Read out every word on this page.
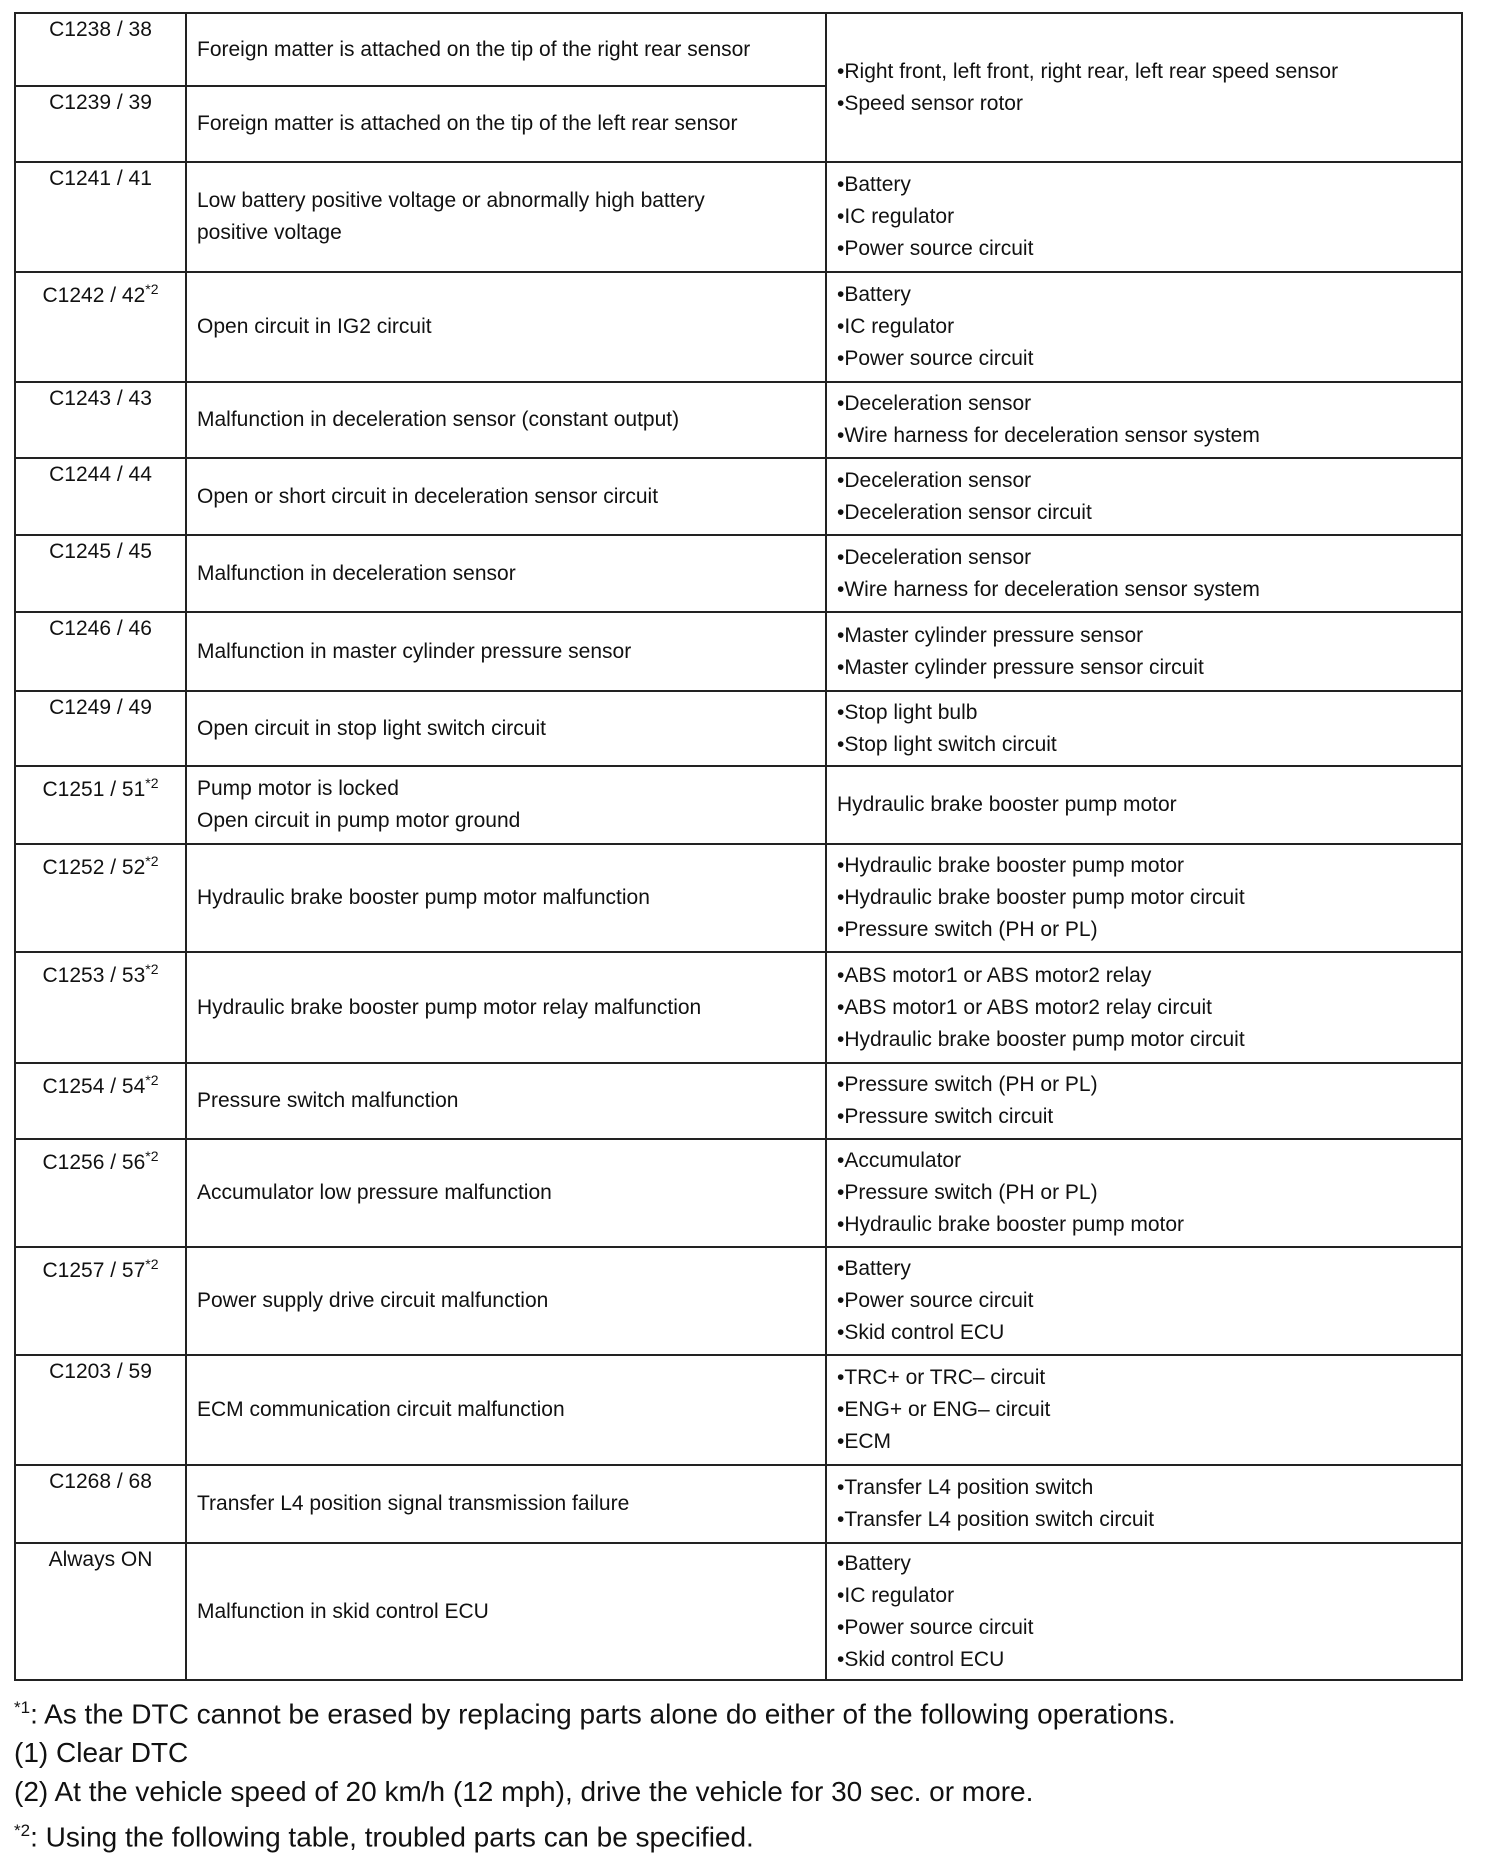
C1238 / 38	Foreign matter is attached on the tip of the right rear sensor	•Right front, left front, right rear, left rear speed sensor
•Speed sensor rotor

C1239 / 39	Foreign matter is attached on the tip of the left rear sensor	

C1241 / 41	Low battery positive voltage or abnormally high battery
positive voltage	•Battery
•IC regulator
•Power source circuit

C1242 / 42$^{*2}$	Open circuit in IG2 circuit	•Battery
•IC regulator
•Power source circuit

C1243 / 43	Malfunction in deceleration sensor (constant output)	•Deceleration sensor
•Wire harness for deceleration sensor system

C1244 / 44	Open or short circuit in deceleration sensor circuit	•Deceleration sensor
•Deceleration sensor circuit

C1245 / 45	Malfunction in deceleration sensor	•Deceleration sensor
•Wire harness for deceleration sensor system

C1246 / 46	Malfunction in master cylinder pressure sensor	•Master cylinder pressure sensor
•Master cylinder pressure sensor circuit

C1249 / 49	Open circuit in stop light switch circuit	•Stop light bulb
•Stop light switch circuit

C1251 / 51$^{*2}$	Pump motor is locked
Open circuit in pump motor ground	Hydraulic brake booster pump motor

C1252 / 52$^{*2}$	Hydraulic brake booster pump motor malfunction	•Hydraulic brake booster pump motor
•Hydraulic brake booster pump motor circuit
•Pressure switch (PH or PL)

C1253 / 53$^{*2}$	Hydraulic brake booster pump motor relay malfunction	•ABS motor1 or ABS motor2 relay
•ABS motor1 or ABS motor2 relay circuit
•Hydraulic brake booster pump motor circuit

C1254 / 54$^{*2}$	Pressure switch malfunction	•Pressure switch (PH or PL)
•Pressure switch circuit

C1256 / 56$^{*2}$	Accumulator low pressure malfunction	•Accumulator
•Pressure switch (PH or PL)
•Hydraulic brake booster pump motor

C1257 / 57$^{*2}$	Power supply drive circuit malfunction	•Battery
•Power source circuit
•Skid control ECU

C1203 / 59	ECM communication circuit malfunction	•TRC+ or TRC– circuit
•ENG+ or ENG– circuit
•ECM

C1268 / 68	Transfer L4 position signal transmission failure	•Transfer L4 position switch
•Transfer L4 position switch circuit

Always ON	Malfunction in skid control ECU	•Battery
•IC regulator
•Power source circuit
•Skid control ECU
$^{*1}$: As the DTC cannot be erased by replacing parts alone do either of the following operations.
(1) Clear DTC
(2) At the vehicle speed of 20 km/h (12 mph), drive the vehicle for 30 sec. or more.
$^{*2}$: Using the following table, troubled parts can be specified.
